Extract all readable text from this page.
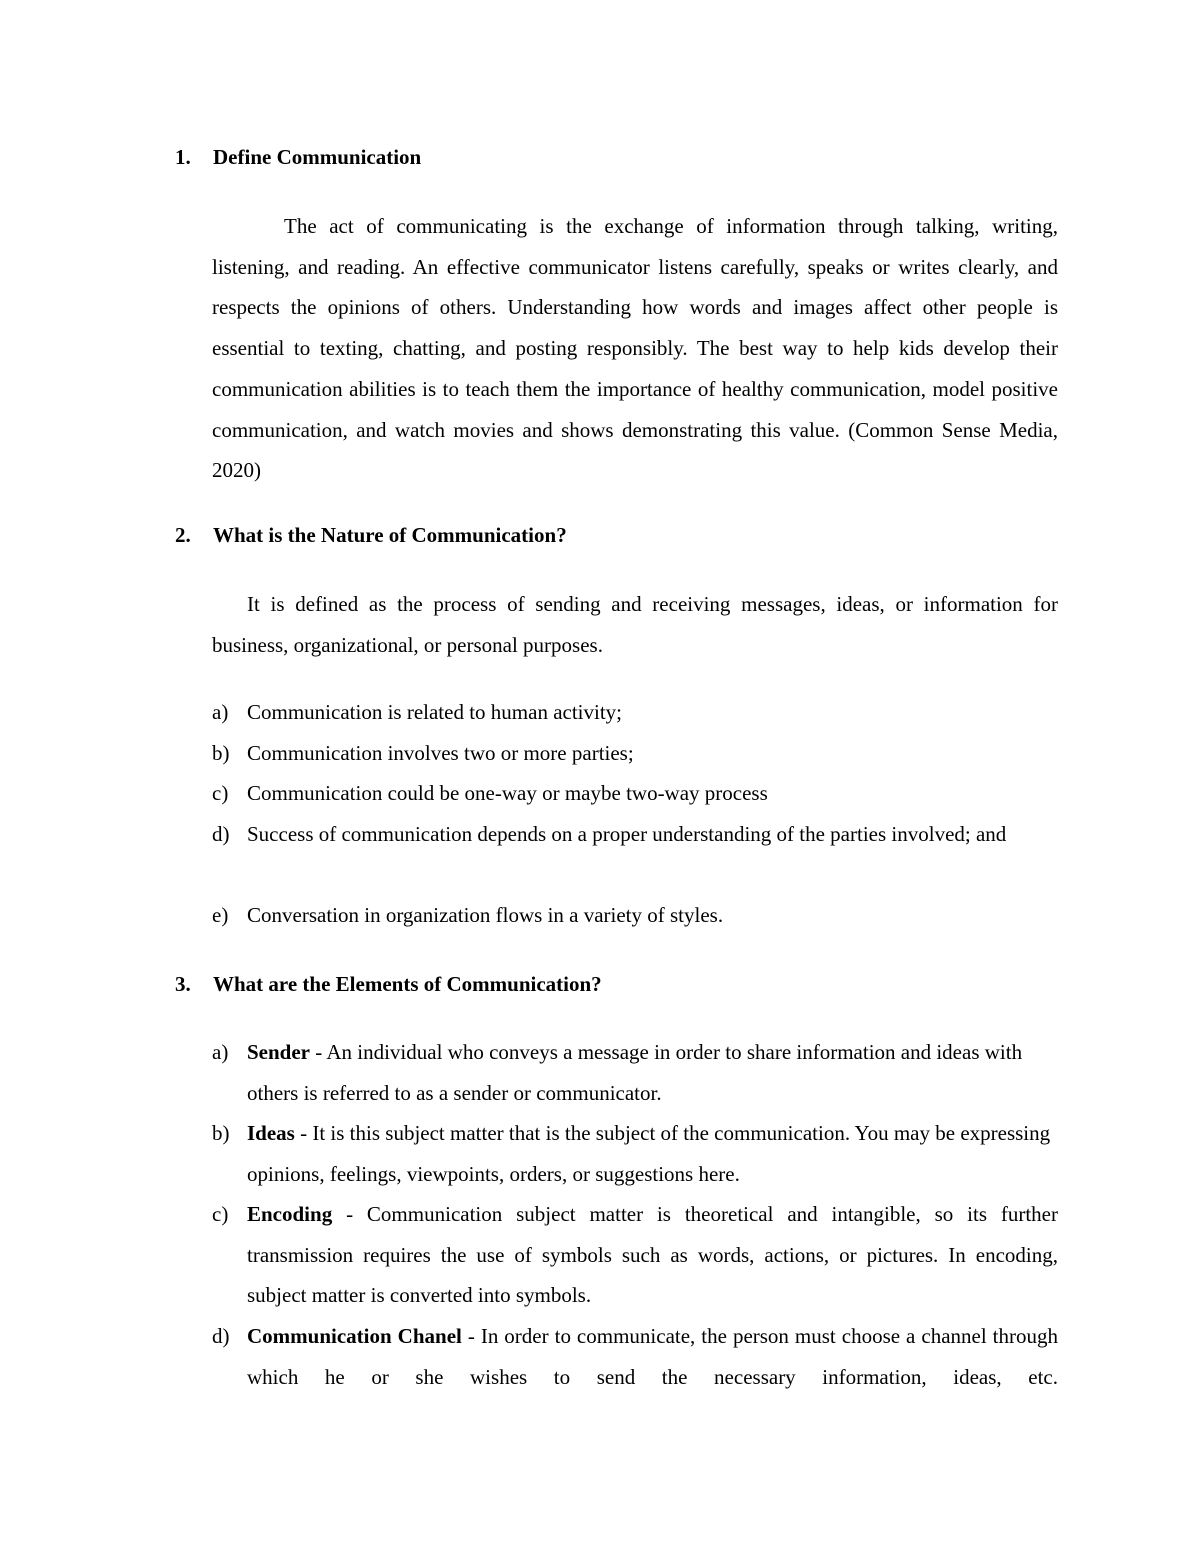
1. Define Communication
The act of communicating is the exchange of information through talking, writing, listening, and reading. An effective communicator listens carefully, speaks or writes clearly, and respects the opinions of others. Understanding how words and images affect other people is essential to texting, chatting, and posting responsibly. The best way to help kids develop their communication abilities is to teach them the importance of healthy communication, model positive communication, and watch movies and shows demonstrating this value. (Common Sense Media, 2020)
2. What is the Nature of Communication?
It is defined as the process of sending and receiving messages, ideas, or information for business, organizational, or personal purposes.
a) Communication is related to human activity;
b) Communication involves two or more parties;
c) Communication could be one-way or maybe two-way process
d) Success of communication depends on a proper understanding of the parties involved; and
e) Conversation in organization flows in a variety of styles.
3. What are the Elements of Communication?
a) Sender - An individual who conveys a message in order to share information and ideas with others is referred to as a sender or communicator.
b) Ideas - It is this subject matter that is the subject of the communication. You may be expressing opinions, feelings, viewpoints, orders, or suggestions here.
c) Encoding - Communication subject matter is theoretical and intangible, so its further transmission requires the use of symbols such as words, actions, or pictures. In encoding, subject matter is converted into symbols.
d) Communication Chanel - In order to communicate, the person must choose a channel through which he or she wishes to send the necessary information, ideas, etc.
